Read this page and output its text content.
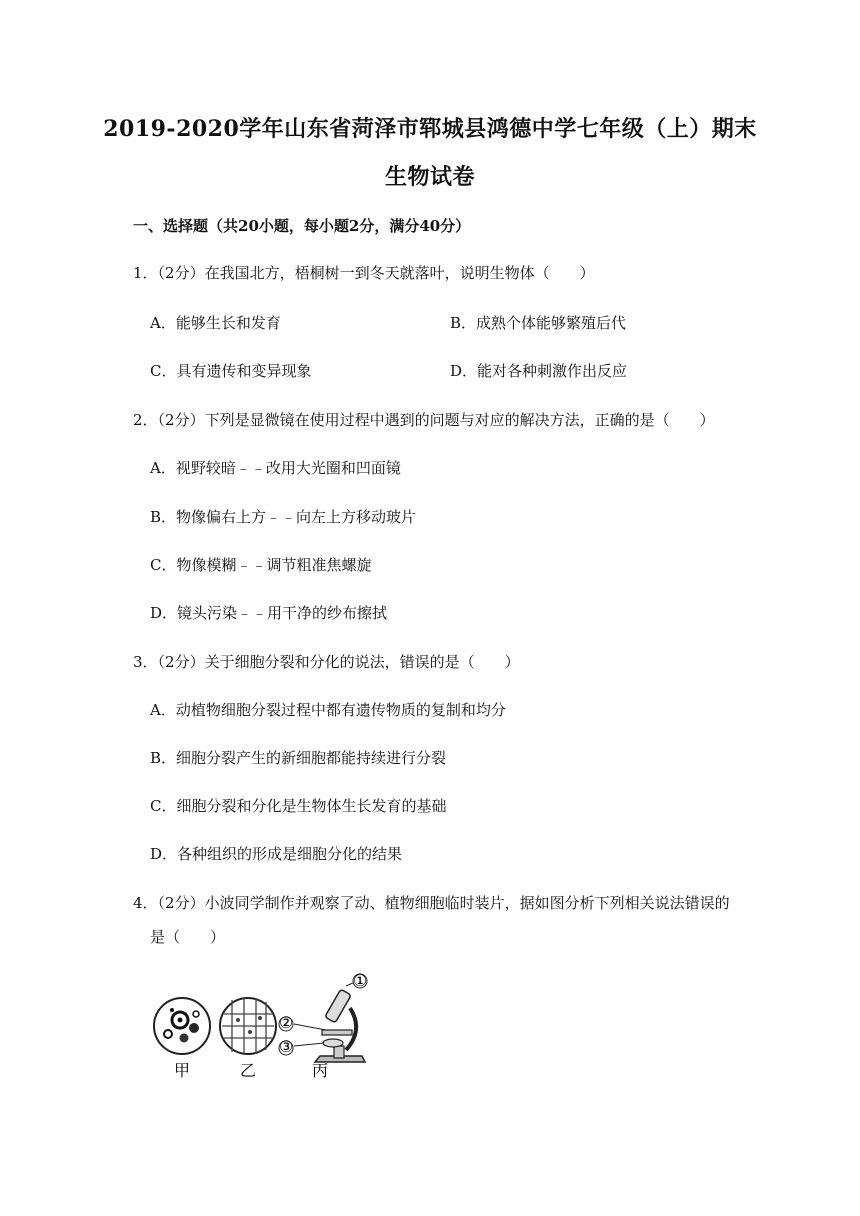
2019-2020学年山东省菏泽市郓城县鸿德中学七年级（上）期末
生物试卷
一、选择题（共20小题，每小题2分，满分40分）
1．（2分）在我国北方，梧桐树一到冬天就落叶，说明生物体（　　）
A．能够生长和发育	B．成熟个体能够繁殖后代
C．具有遗传和变异现象	D．能对各种刺激作出反应
2．（2分）下列是显微镜在使用过程中遇到的问题与对应的解决方法，正确的是（　　）
A．视野较暗﹣﹣改用大光圈和凹面镜
B．物像偏右上方﹣﹣向左上方移动玻片
C．物像模糊﹣﹣调节粗准焦螺旋
D．镜头污染﹣﹣用干净的纱布擦拭
3．（2分）关于细胞分裂和分化的说法，错误的是（　　）
A．动植物细胞分裂过程中都有遗传物质的复制和均分
B．细胞分裂产生的新细胞都能持续进行分裂
C．细胞分裂和分化是生物体生长发育的基础
D．各种组织的形成是细胞分化的结果
4．（2分）小波同学制作并观察了动、植物细胞临时装片，据如图分析下列相关说法错误的
是（　　）
①
②
③
甲	乙	丙
